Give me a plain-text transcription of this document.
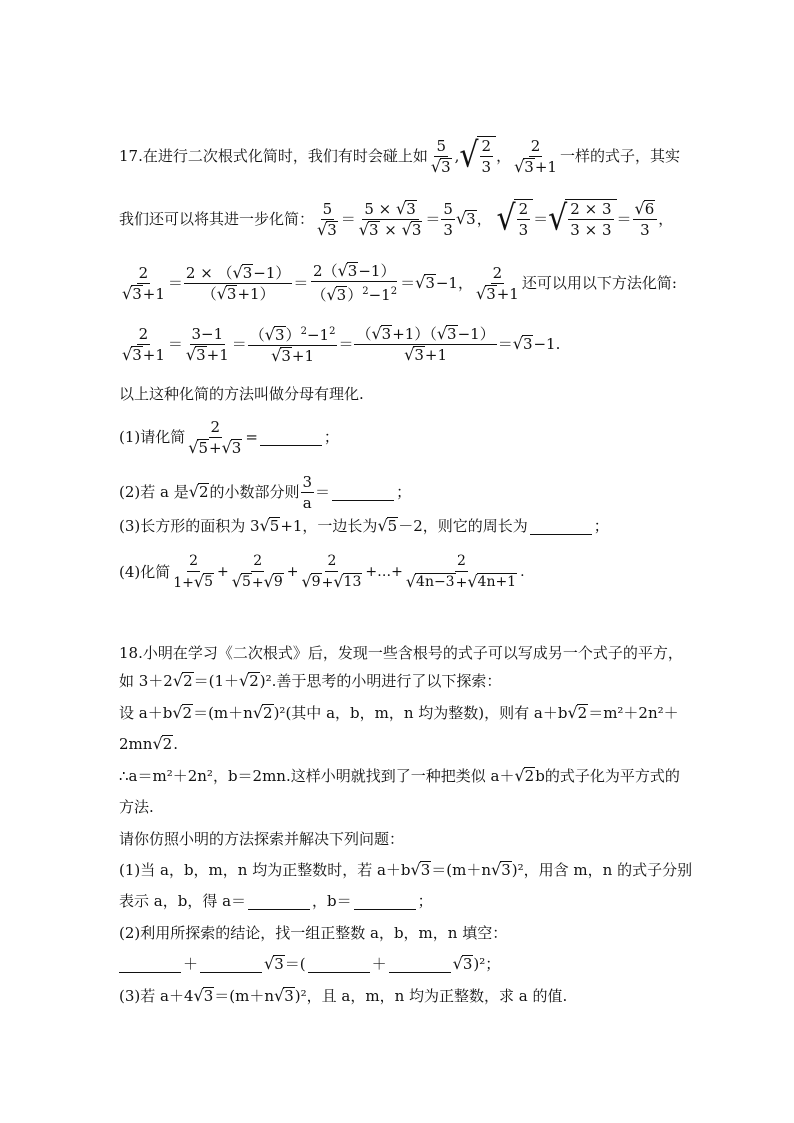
17.在进行二次根式化简时，我们有时会碰上如 $\frac{5}{√ 3}$ , √ $\frac{2}{3}$ ， $\frac{2}{√ 3 +1}$ 一样的式子，其实
我们还可以将其进一步化简： $\frac{5}{√ 3} = \frac{5 \times √ 3}{√ 3 \times √ 3} = \frac{5}{3}$ √ 3 ， √ $\frac{2}{3}$ ＝ √ $\frac{2 \times 3}{3 \times 3} = \frac{√ 6}{3}$ ，
$\frac{2}{√ 3 +1} = \frac{2 \times ( √ 3 -1)}{( √ 3 +1)} = \frac{2( √ 3 -1)}{( √ 3 )^2-1^2}$ ＝ √ 3 −1， $\frac{2}{√ 3 +1}$ 还可以用以下方法化简:
$\frac{2}{√ 3 +1} = \frac{3-1}{√ 3 +1} = \frac{( √ 3 )^2-1^2}{√ 3 +1} = \frac{( √ 3 +1)( √ 3 -1)}{√ 3 +1}$ ＝ √ 3 −1.
以上这种化简的方法叫做分母有理化.
(1)请化简 $\frac{2}{√ 5 + √ 3}$ =	；
(2)若 a 是 √ 2 的小数部分则 $\frac{3}{a}$ ＝	；
(3)长方形的面积为 3 √ 5 +1，一边长为 √ 5 －2，则它的周长为	；
(4)化简 $\frac{2}{1+ √ 5} + \frac{2}{√ 5 + √ 9} + \frac{2}{√ 9 + √ 13}$ +…+ $\frac{2}{√ 4n-3 + √ 4n+1}$ .
18.小明在学习《二次根式》后，发现一些含根号的式子可以写成另一个式子的平方，
如 3＋2 √ 2 ＝(1＋ √ 2 )².善于思考的小明进行了以下探索：
设 a＋b √ 2 ＝(m＋n √ 2 )²(其中 a，b，m，n 均为整数)，则有 a＋b √ 2 ＝m²＋2n²＋
2mn √ 2 .
∴a＝m²＋2n²，b＝2mn.这样小明就找到了一种把类似 a＋ √ 2 b 的式子化为平方式的
方法.
请你仿照小明的方法探索并解决下列问题：
(1)当 a，b，m，n 均为正整数时，若 a＋b √ 3 ＝(m＋n √ 3 )²，用含 m，n 的式子分别
表示 a，b，得 a＝	，b＝	；
(2)利用所探索的结论，找一组正整数 a，b，m，n 填空：
＋	√ 3 ＝(	＋	√ 3 )²；
(3)若 a＋4 √ 3 ＝(m＋n √ 3 )²，且 a，m，n 均为正整数，求 a 的值.
